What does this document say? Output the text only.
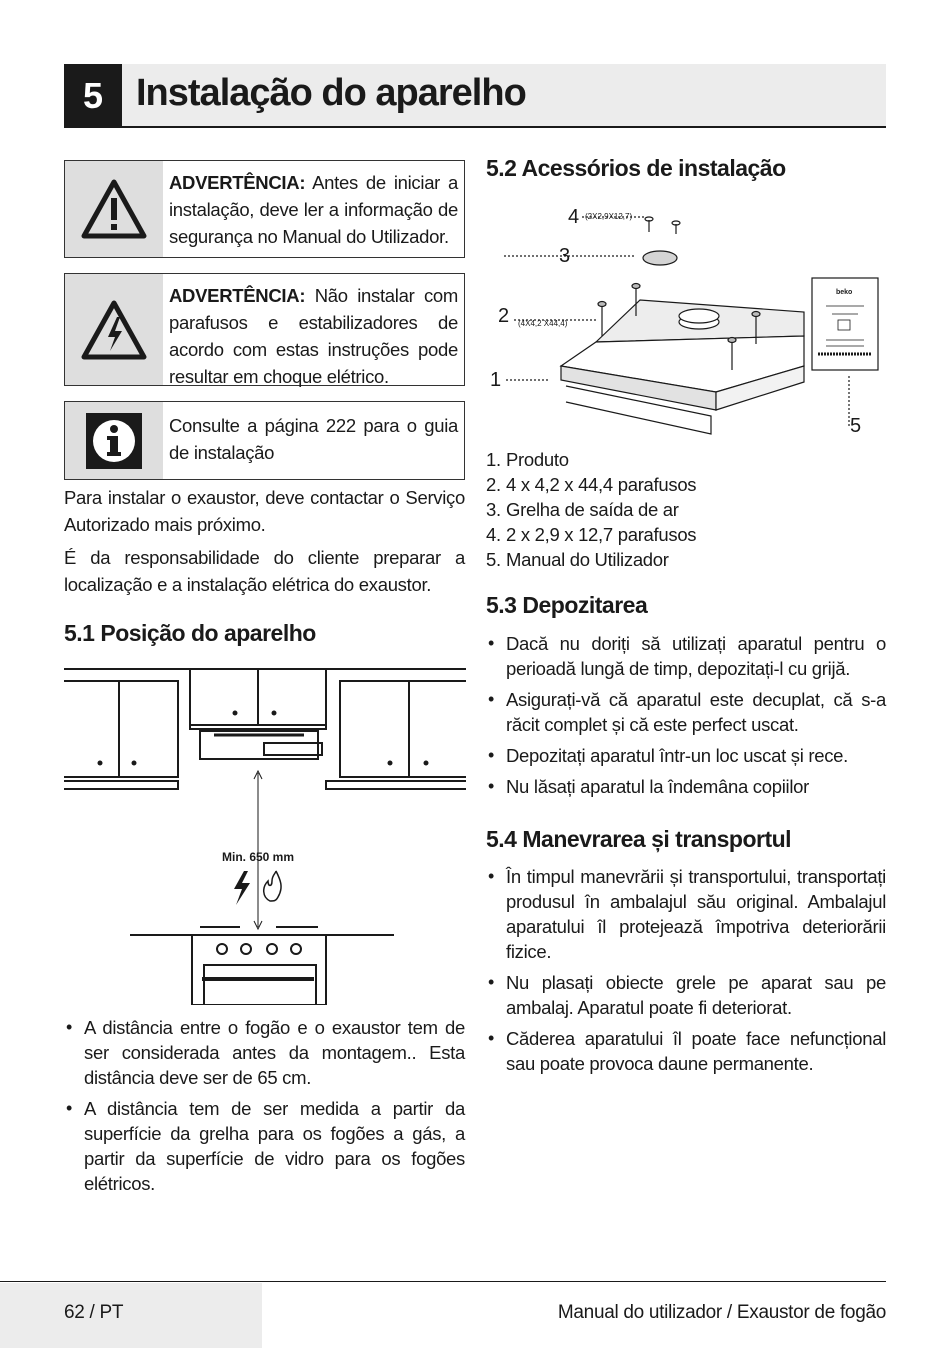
5 Instalação do aparelho
ADVERTÊNCIA: Antes de iniciar a instalação, deve ler a informação de segurança no Manual do Utilizador.
ADVERTÊNCIA: Não instalar com parafusos e estabilizadores de acordo com estas instruções pode resultar em choque elétrico.
Consulte a página 222 para o guia de instalação

Para instalar o exaustor, deve contactar o Serviço Autorizado mais próximo.

É da responsabilidade do cliente preparar a localização e a instalação elétrica do exaustor.

5.1 Posição do aparelho
Min. 650 mm
• A distância entre o fogão e o exaustor tem de ser considerada antes da montagem.. Esta distância deve ser de 65 cm.
• A distância tem de ser medida a partir da superfície da grelha para os fogões a gás, a partir da superfície de vidro para os fogões elétricos.
5.2 Acessórios de instalação
beko
4 (2X2,9X12,7)
3
2 (4X4,2 X44,4)
1
5
1. Produto
2. 4 x 4,2 x 44,4 parafusos
3. Grelha de saída de ar
4. 2 x 2,9 x 12,7 parafusos
5. Manual do Utilizador
5.3 Depozitarea
• Dacă nu doriți să utilizați aparatul pentru o perioadă lungă de timp, depozitați-l cu grijă.
• Asigurați-vă că aparatul este decuplat, că s-a răcit complet și că este perfect uscat.
• Depozitați aparatul într-un loc uscat și rece.
• Nu lăsați aparatul la îndemâna copiilor
5.4 Manevrarea și transportul
• În timpul manevrării și transportului, transportați produsul în ambalajul său original. Ambalajul aparatului îl protejează împotriva deteriorării fizice.
• Nu plasați obiecte grele pe aparat sau pe ambalaj. Aparatul poate fi deteriorat.
• Căderea aparatului îl poate face nefuncțional sau poate provoca daune permanente.
62 / PT	Manual do utilizador / Exaustor de fogão
